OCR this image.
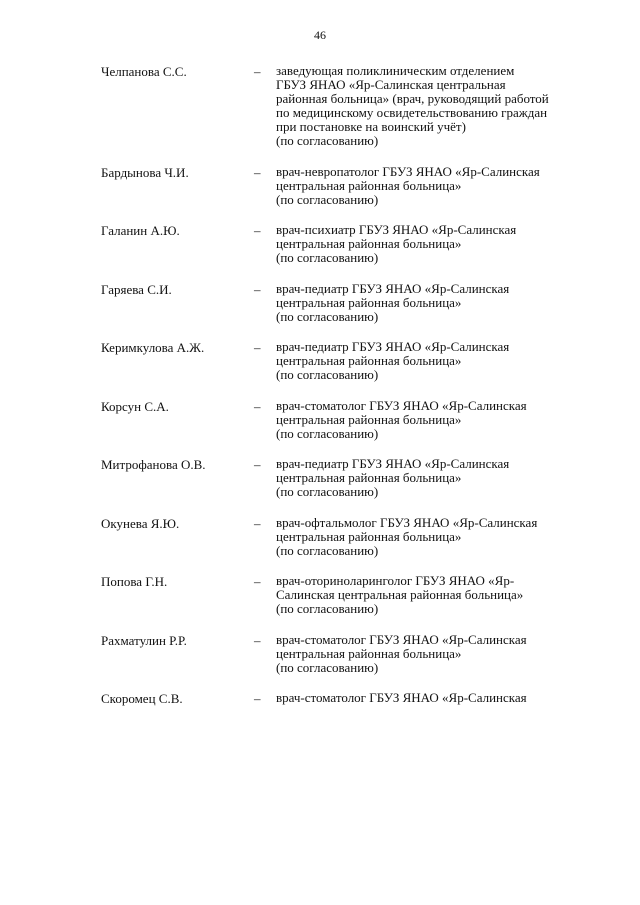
46
Челпанова С.С.	– заведующая поликлиническим отделением
ГБУЗ ЯНАО «Яр-Салинская центральная
районная больница» (врач, руководящий работой
по медицинскому освидетельствованию граждан
при постановке на воинский учёт)
(по согласованию)
Бардынова Ч.И.	– врач-невропатолог ГБУЗ ЯНАО «Яр-Салинская
центральная районная больница»
(по согласованию)
Галанин А.Ю.	– врач-психиатр ГБУЗ ЯНАО «Яр-Салинская
центральная районная больница»
(по согласованию)
Гаряева С.И.	– врач-педиатр ГБУЗ ЯНАО «Яр-Салинская
центральная районная больница»
(по согласованию)
Керимкулова А.Ж.	– врач-педиатр ГБУЗ ЯНАО «Яр-Салинская
центральная районная больница»
(по согласованию)
Корсун С.А.	– врач-стоматолог ГБУЗ ЯНАО «Яр-Салинская
центральная районная больница»
(по согласованию)
Митрофанова О.В.	– врач-педиатр ГБУЗ ЯНАО «Яр-Салинская
центральная районная больница»
(по согласованию)
Окунева Я.Ю.	– врач-офтальмолог ГБУЗ ЯНАО «Яр-Салинская
центральная районная больница»
(по согласованию)
Попова Г.Н.	– врач-оториноларинголог ГБУЗ ЯНАО «Яр-
Салинская центральная районная больница»
(по согласованию)
Рахматулин Р.Р.	– врач-стоматолог ГБУЗ ЯНАО «Яр-Салинская
центральная районная больница»
(по согласованию)
Скоромец С.В.	– врач-стоматолог ГБУЗ ЯНАО «Яр-Салинская
